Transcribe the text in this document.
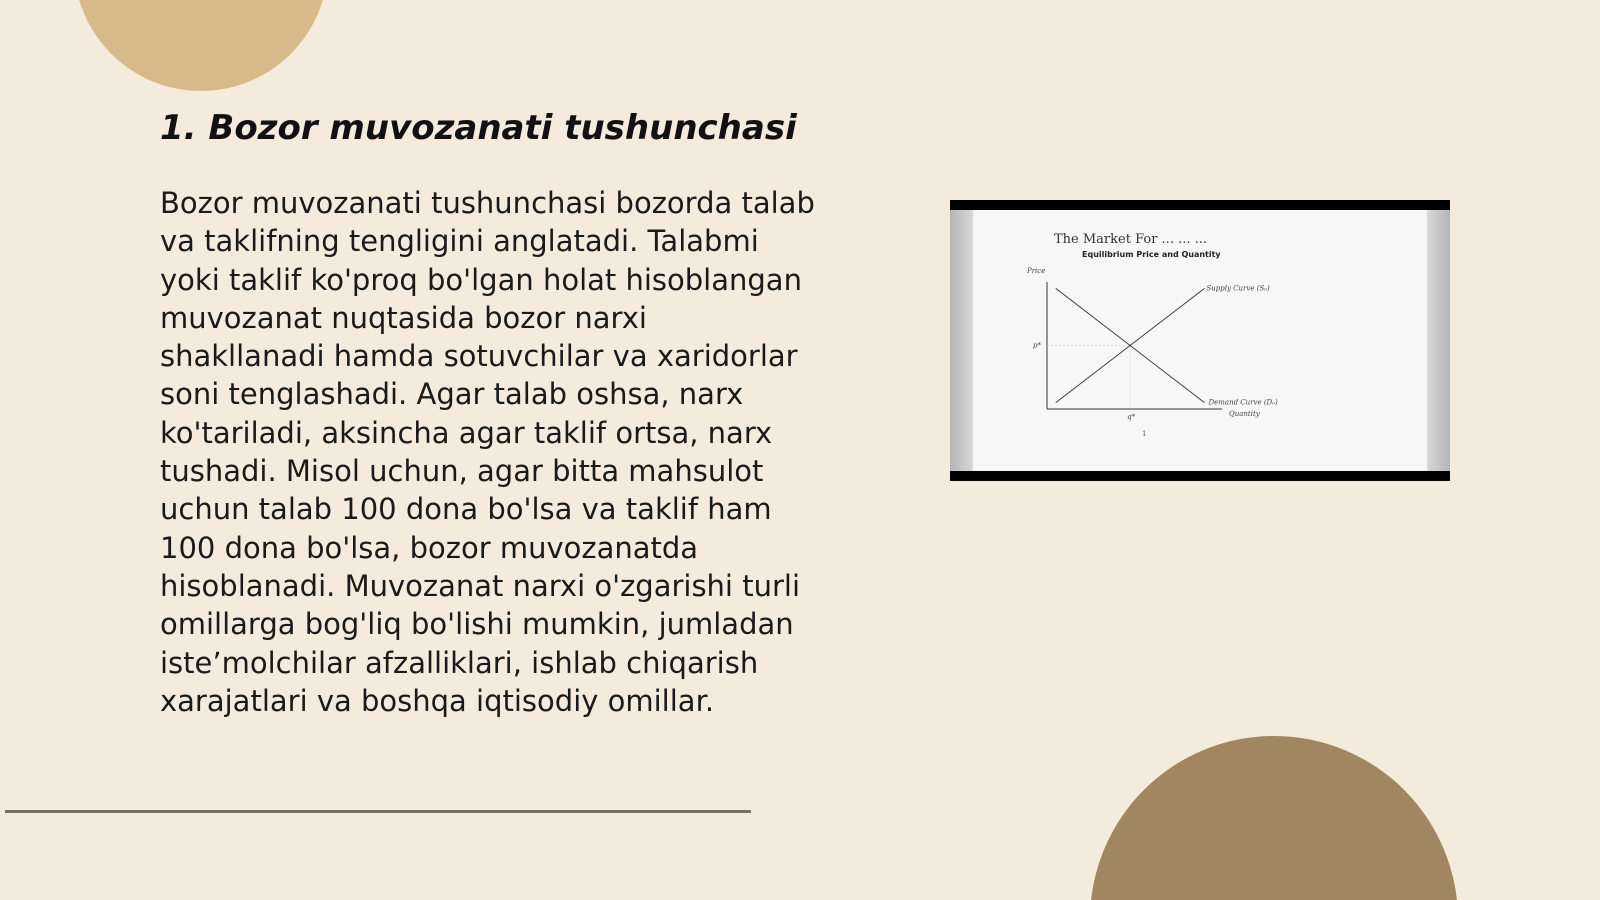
1. Bozor muvozanati tushunchasi

Bozor muvozanati tushunchasi bozorda talab
va taklifning tengligini anglatadi. Talabmi
yoki taklif ko'proq bo'lgan holat hisoblangan
muvozanat nuqtasida bozor narxi
shakllanadi hamda sotuvchilar va xaridorlar
soni tenglashadi. Agar talab oshsa, narx
ko'tariladi, aksincha agar taklif ortsa, narx
tushadi. Misol uchun, agar bitta mahsulot
uchun talab 100 dona bo'lsa va taklif ham
100 dona bo'lsa, bozor muvozanatda
hisoblanadi. Muvozanat narxi o'zgarishi turli
omillarga bog'liq bo'lishi mumkin, jumladan
iste’molchilar afzalliklari, ishlab chiqarish
xarajatlari va boshqa iqtisodiy omillar.

The Market For ... ... ...
Equilibrium Price and Quantity
Price
Quantity
Supply Curve (S₀)
Demand Curve (D₀)
p*
q*
1
